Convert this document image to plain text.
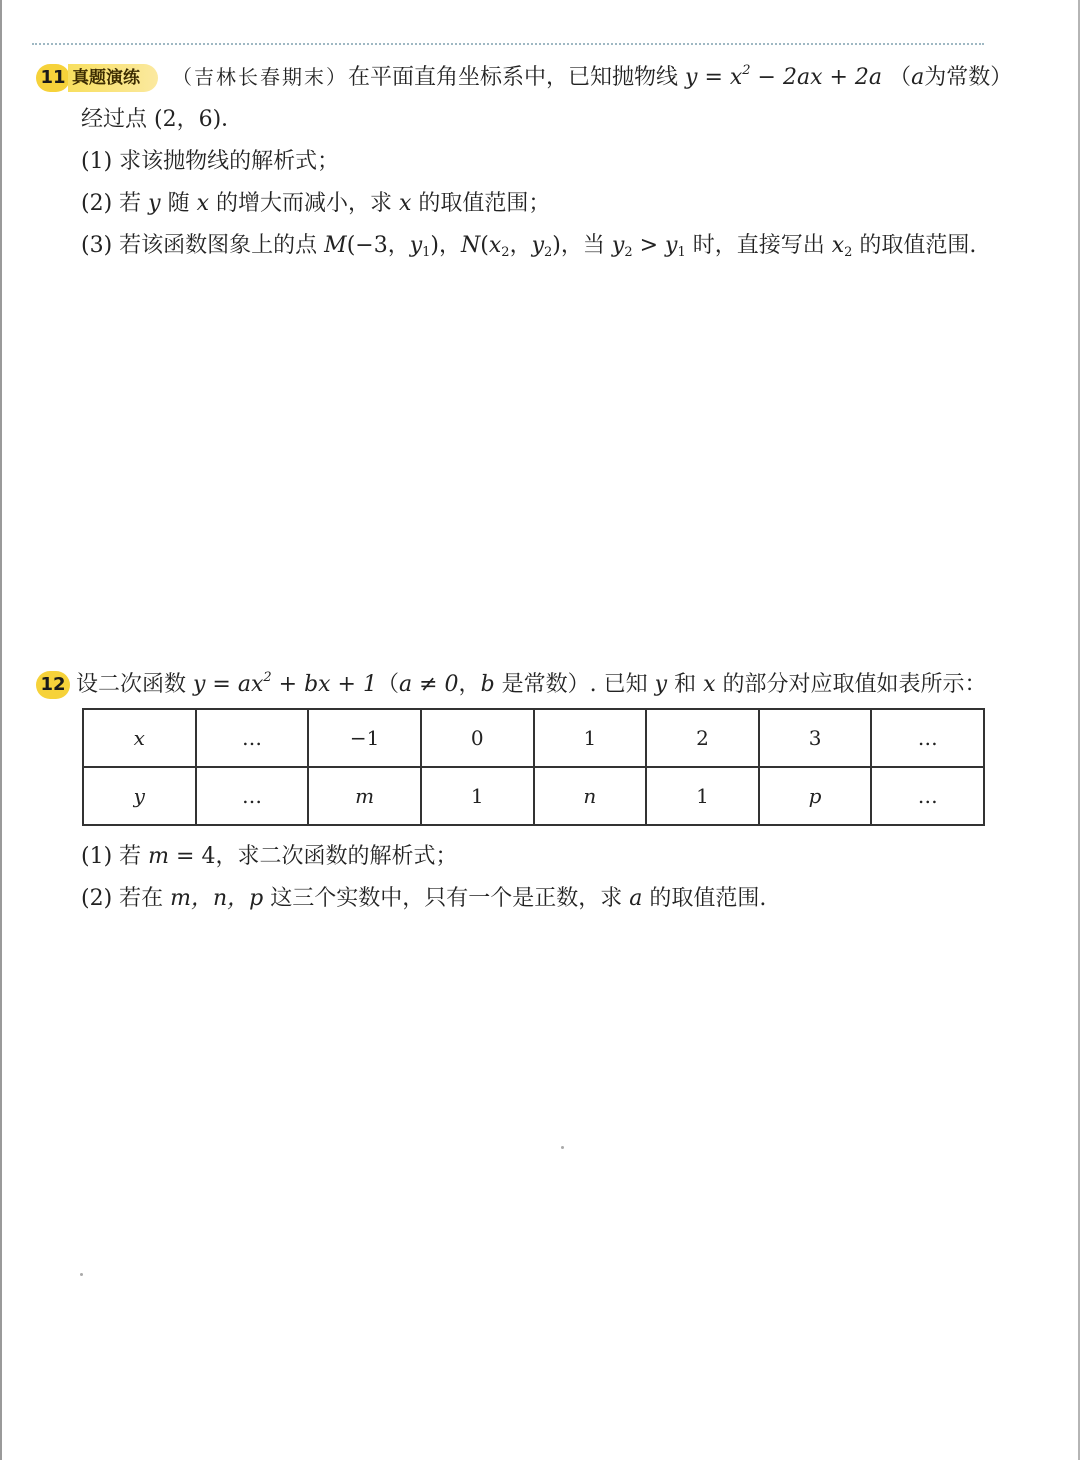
11 真题演练 （吉林长春期末）在平面直角坐标系中，已知抛物线 $y = x^2 - 2ax + 2a$ （a为常数）
经过点 (2，6)．
(1) 求该抛物线的解析式；
(2) 若 y 随 x 的增大而减小，求 x 的取值范围；
(3) 若该函数图象上的点 M(−3，$y_1$)，$N(x_2$，$y_2$)，当 $y_2 > y_1$ 时，直接写出 $x_2$ 的取值范围.
12 设二次函数 $y = ax^2$ + bx + 1（a ≠ 0，b 是常数）. 已知 y 和 x 的部分对应取值如表所示：
x	…	−1	0	1	2	3	…
y	…	m	1	n	1	p	…
(1) 若 m = 4，求二次函数的解析式；
(2) 若在 m，n，p 这三个实数中，只有一个是正数，求 a 的取值范围.
